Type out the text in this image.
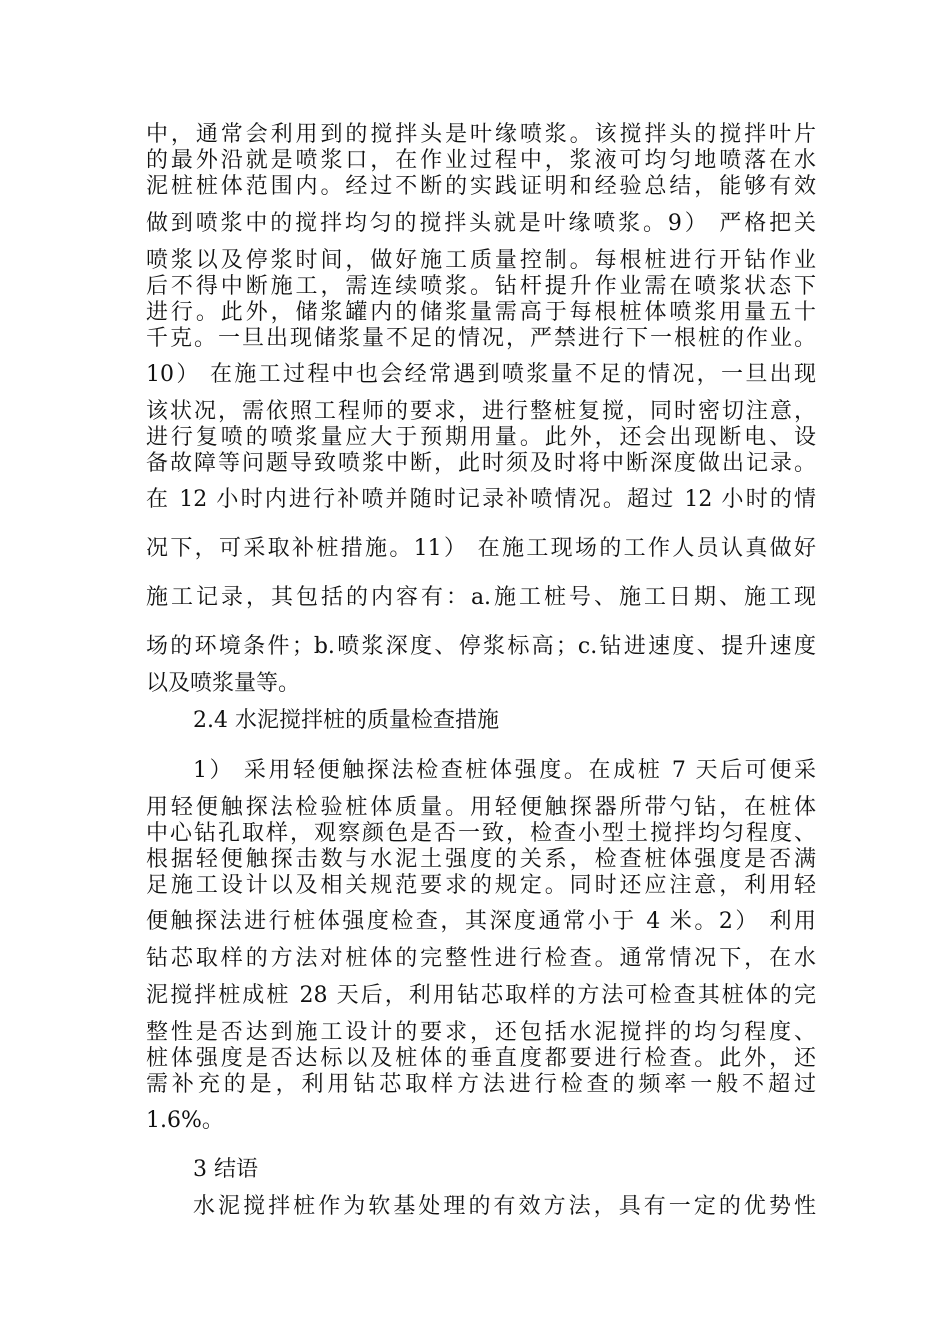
中，通常会利用到的搅拌头是叶缘喷浆。该搅拌头的搅拌叶片
的最外沿就是喷浆口，在作业过程中，浆液可均匀地喷落在水
泥桩桩体范围内。经过不断的实践证明和经验总结，能够有效
做到喷浆中的搅拌均匀的搅拌头就是叶缘喷浆。9） 严格把关
喷浆以及停浆时间，做好施工质量控制。每根桩进行开钻作业
后不得中断施工，需连续喷浆。钻杆提升作业需在喷浆状态下
进行。此外，储浆罐内的储浆量需高于每根桩体喷浆用量五十
千克。一旦出现储浆量不足的情况，严禁进行下一根桩的作业。
10） 在施工过程中也会经常遇到喷浆量不足的情况，一旦出现
该状况，需依照工程师的要求，进行整桩复搅，同时密切注意，
进行复喷的喷浆量应大于预期用量。此外，还会出现断电、设
备故障等问题导致喷浆中断，此时须及时将中断深度做出记录。
在 12 小时内进行补喷并随时记录补喷情况。超过 12 小时的情
况下，可采取补桩措施。11） 在施工现场的工作人员认真做好
施工记录，其包括的内容有：a.施工桩号、施工日期、施工现
场的环境条件；b.喷浆深度、停浆标高；c.钻进速度、提升速度
以及喷浆量等。
2.4 水泥搅拌桩的质量检查措施
1） 采用轻便触探法检查桩体强度。在成桩 7 天后可便采
用轻便触探法检验桩体质量。用轻便触探器所带勺钻，在桩体
中心钻孔取样，观察颜色是否一致，检查小型土搅拌均匀程度、
根据轻便触探击数与水泥土强度的关系，检查桩体强度是否满
足施工设计以及相关规范要求的规定。同时还应注意，利用轻
便触探法进行桩体强度检查，其深度通常小于 4 米。2） 利用
钻芯取样的方法对桩体的完整性进行检查。通常情况下，在水
泥搅拌桩成桩 28 天后，利用钻芯取样的方法可检查其桩体的完
整性是否达到施工设计的要求，还包括水泥搅拌的均匀程度、
桩体强度是否达标以及桩体的垂直度都要进行检查。此外，还
需补充的是，利用钻芯取样方法进行检查的频率一般不超过
1.6%。
3 结语
水泥搅拌桩作为软基处理的有效方法，具有一定的优势性
